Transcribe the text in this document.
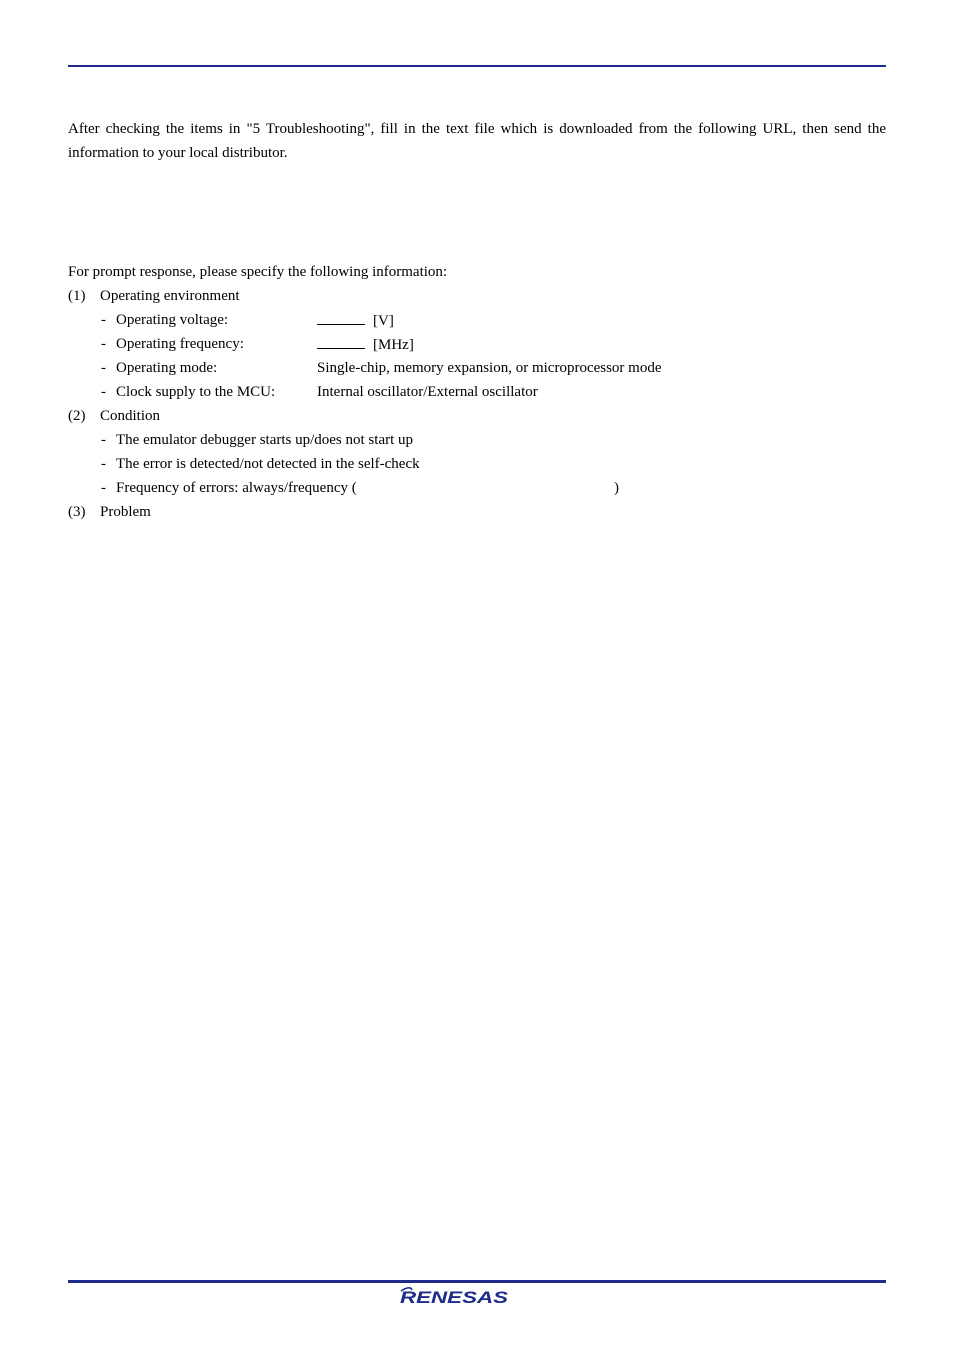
After checking the items in "5 Troubleshooting", fill in the text file which is downloaded from the following URL, then send the information to your local distributor.

For prompt response, please specify the following information:
(1) Operating environment
- Operating voltage:	[V]
- Operating frequency:	[MHz]
- Operating mode:	Single-chip, memory expansion, or microprocessor mode
- Clock supply to the MCU:	Internal oscillator/External oscillator
(2) Condition
- The emulator debugger starts up/does not start up
- The error is detected/not detected in the self-check
- Frequency of errors: always/frequency (	)
(3) Problem
RENESAS
